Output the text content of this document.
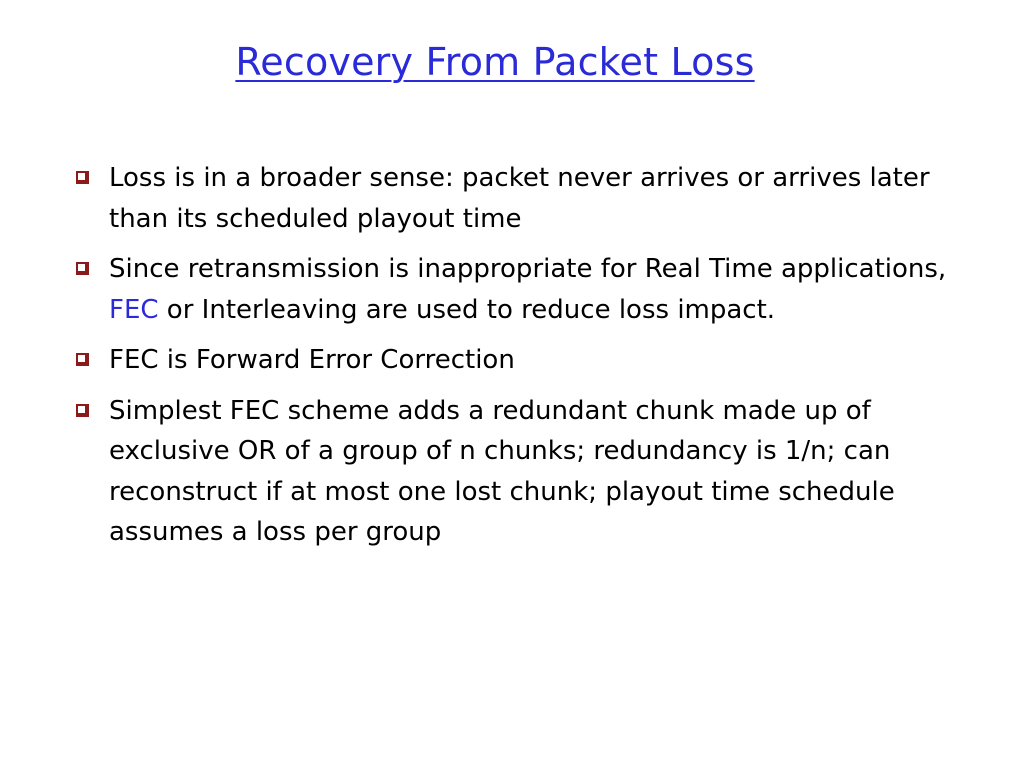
Recovery From Packet Loss
Loss is in a broader sense: packet never arrives or arrives later than its scheduled playout time
Since retransmission is inappropriate for Real Time applications, FEC or Interleaving are used to reduce loss impact.
FEC is Forward Error Correction
Simplest FEC scheme adds a redundant chunk made up of exclusive OR of a group of n chunks; redundancy is 1/n; can reconstruct if at most one lost chunk; playout time schedule assumes a loss per group
